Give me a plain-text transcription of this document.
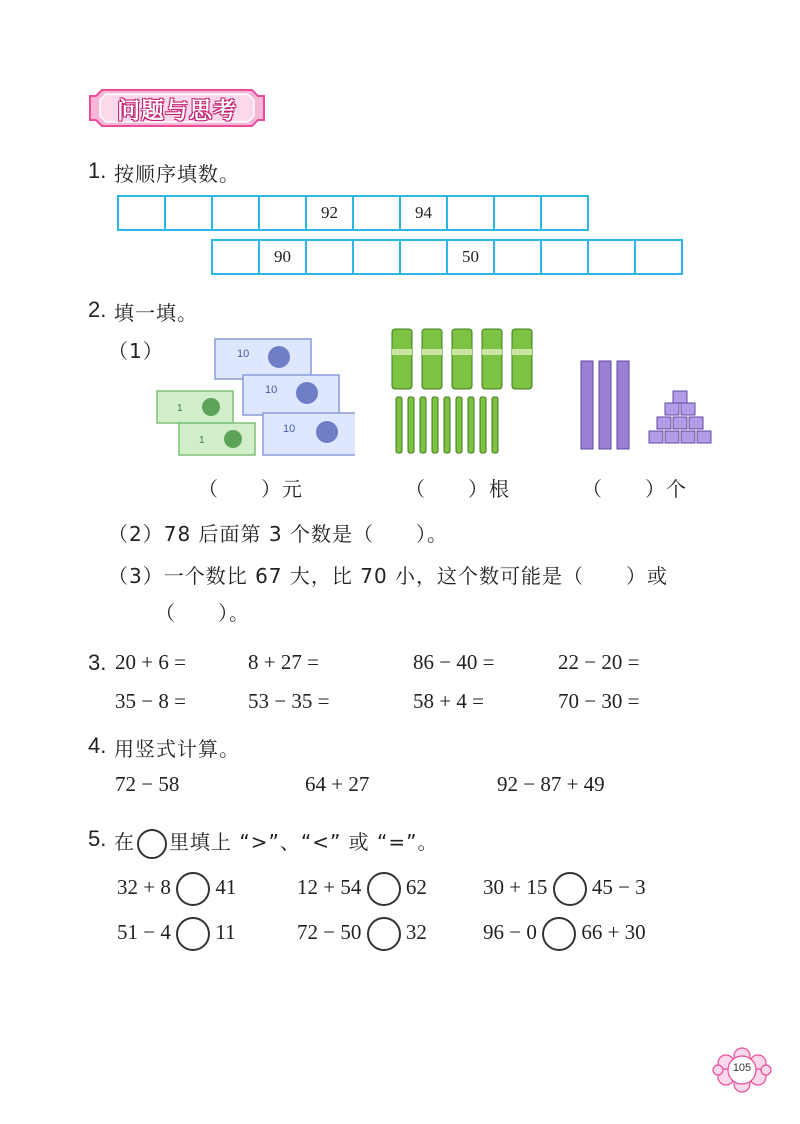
问题与思考
1. 按顺序填数。
				92		94			
	90				50				
2. 填一填。
（1）	10
10
10
1
1
（　　）元	（　　）根	（　　）个
（2）78 后面第 3 个数是（　　）。
（3）一个数比 67 大，比 70 小，这个数可能是（　　）或
（　　）。
3. 20 + 6 =	8 + 27 =	86 − 40 =	22 − 20 =
35 − 8 =	53 − 35 =	58 + 4 =	70 − 30 =
4. 用竖式计算。
72 − 58	64 + 27	92 − 87 + 49
5. 在 里填上 “>”、“<” 或 “=”。
32 + 8 41	12 + 54 62	30 + 15 45 − 3
51 − 4 11	72 − 50 32	96 − 0 66 + 30
105
